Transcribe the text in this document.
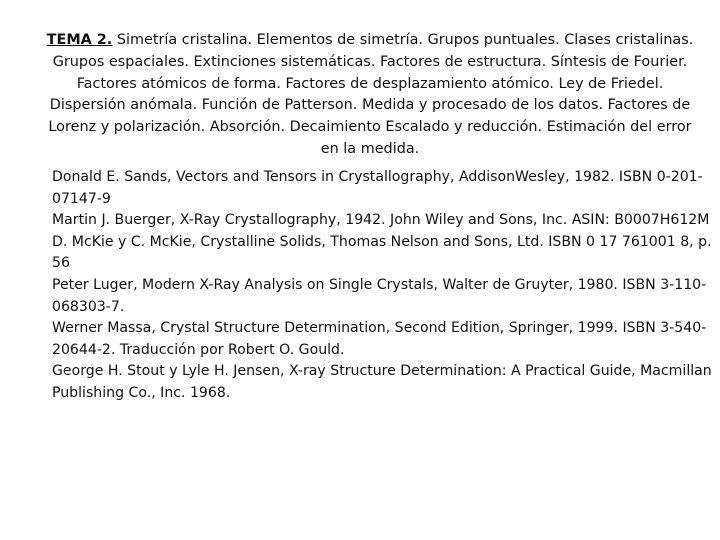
TEMA 2. Simetría cristalina. Elementos de simetría. Grupos puntuales. Clases cristalinas. Grupos espaciales. Extinciones sistemáticas. Factores de estructura. Síntesis de Fourier. Factores atómicos de forma. Factores de desplazamiento atómico. Ley de Friedel. Dispersión anómala. Función de Patterson. Medida y procesado de los datos. Factores de Lorenz y polarización. Absorción. Decaimiento Escalado y reducción. Estimación del error en la medida.

Donald E. Sands, Vectors and Tensors in Crystallography, AddisonWesley, 1982. ISBN 0-201-07147-9
Martin J. Buerger, X-Ray Crystallography, 1942. John Wiley and Sons, Inc. ASIN: B0007H612M
D. McKie y C. McKie, Crystalline Solids, Thomas Nelson and Sons, Ltd. ISBN 0 17 761001 8, p. 56
Peter Luger, Modern X-Ray Analysis on Single Crystals, Walter de Gruyter, 1980. ISBN 3-110-068303-7.
Werner Massa, Crystal Structure Determination, Second Edition, Springer, 1999. ISBN 3-540-20644-2. Traducción por Robert O. Gould.
George H. Stout y Lyle H. Jensen, X-ray Structure Determination: A Practical Guide, Macmillan Publishing Co., Inc. 1968.
